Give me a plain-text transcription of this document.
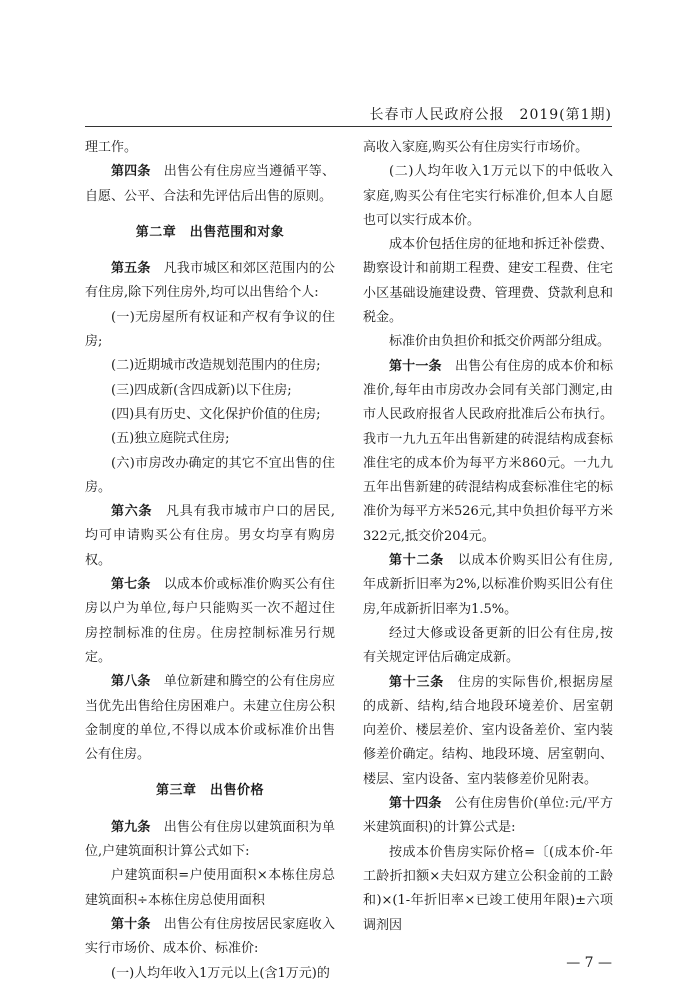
长春市人民政府公报　2019(第1期)

理工作。

第四条　 出售公有住房应当遵循平等、自愿、公平、合法和先评估后出售的原则。

第二章　出售范围和对象

第五条　 凡我市城区和郊区范围内的公有住房,除下列住房外,均可以出售给个人:

(一)无房屋所有权证和产权有争议的住房;

(二)近期城市改造规划范围内的住房;

(三)四成新(含四成新)以下住房;

(四)具有历史、文化保护价值的住房;

(五)独立庭院式住房;

(六)市房改办确定的其它不宜出售的住房。

第六条　 凡具有我市城市户口的居民,均可申请购买公有住房。男女均享有购房权。

第七条　 以成本价或标准价购买公有住房以户为单位,每户只能购买一次不超过住房控制标准的住房。住房控制标准另行规定。

第八条　 单位新建和腾空的公有住房应当优先出售给住房困难户。未建立住房公积金制度的单位,不得以成本价或标准价出售公有住房。

第三章　出售价格

第九条　 出售公有住房以建筑面积为单位,户建筑面积计算公式如下:

户建筑面积=户使用面积×本栋住房总建筑面积÷本栋住房总使用面积

第十条　 出售公有住房按居民家庭收入实行市场价、成本价、标准价:

(一)人均年收入1万元以上(含1万元)的

高收入家庭,购买公有住房实行市场价。

(二)人均年收入1万元以下的中低收入家庭,购买公有住宅实行标准价,但本人自愿也可以实行成本价。

成本价包括住房的征地和拆迁补偿费、勘察设计和前期工程费、建安工程费、住宅小区基础设施建设费、管理费、贷款利息和税金。

标准价由负担价和抵交价两部分组成。

第十一条　 出售公有住房的成本价和标准价,每年由市房改办会同有关部门测定,由市人民政府报省人民政府批准后公布执行。我市一九九五年出售新建的砖混结构成套标准住宅的成本价为每平方米860元。一九九五年出售新建的砖混结构成套标准住宅的标准价为每平方米526元,其中负担价每平方米322元,抵交价204元。

第十二条　 以成本价购买旧公有住房,年成新折旧率为2%,以标准价购买旧公有住房,年成新折旧率为1.5%。

经过大修或设备更新的旧公有住房,按有关规定评估后确定成新。

第十三条　 住房的实际售价,根据房屋的成新、结构,结合地段环境差价、居室朝向差价、楼层差价、室内设备差价、室内装修差价确定。结构、地段环境、居室朝向、楼层、室内设备、室内装修差价见附表。

第十四条　 公有住房售价(单位:元/平方米建筑面积)的计算公式是:

按成本价售房实际价格=〔(成本价-年工龄折扣额×夫妇双方建立公积金前的工龄和)×(1-年折旧率×已竣工使用年限)±六项调剂因

— 7 —
